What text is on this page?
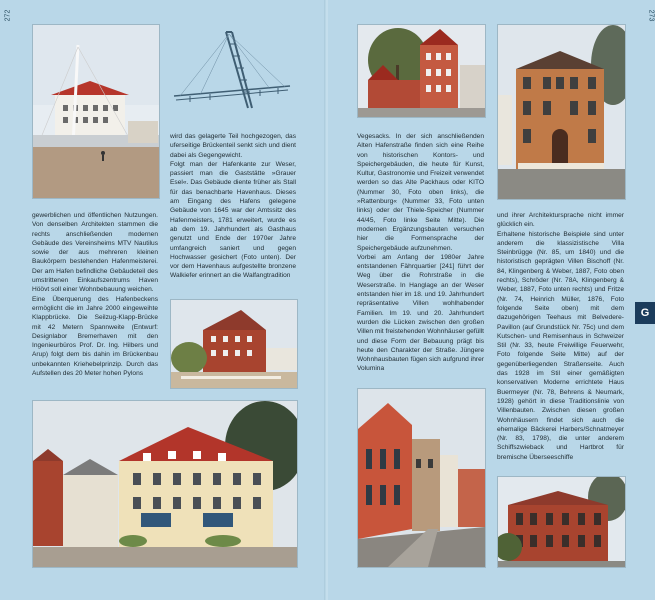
272
gewerblichen und öffentlichen Nutzungen. Von denselben Architekten stammen die rechts anschließenden modernen Gebäude des Vereinsheims MTV Nautilus sowie der aus mehreren kleinen Baukörpern bestehenden Hafenmeisterei. Der am Hafen befindliche Gebäudeteil des umstrittenen Einkaufszentrums Haven Höövt soll einer Wohnbebauung weichen.
Eine Überquerung des Hafenbeckens ermöglicht die im Jahre 2000 eingeweihte Klappbrücke. Die Seilzug-Klapp-Brücke mit 42 Metern Spannweite (Entwurf: Designlabor Bremerhaven mit den Ingenieurbüros Prof. Dr. Ing. Hilbers und Arup) folgt dem bis dahin im Brückenbau unbekannten Kriehebelprinzip. Durch das Aufstellen des 20 Meter hohen Pylons
wird das gelagerte Teil hochgezogen, das uferseitige Brückenteil senkt sich und dient dabei als Gegengewicht.
Folgt man der Hafenkante zur Weser, passiert man die Gaststätte »Grauer Esel«. Das Gebäude diente früher als Stall für das benachbarte Havenhaus. Dieses am Eingang des Hafens gelegene Gebäude von 1645 war der Amtssitz des Hafenmeisters, 1781 erweitert, wurde es ab dem 19. Jahrhundert als Gasthaus genutzt und Ende der 1970er Jahre umfangreich saniert und gegen Hochwasser gesichert (Foto unten). Der vor dem Havenhaus aufgestellte bronzene Walkiefer erinnert an die Walfangtradition
273
Vegesacks. In der sich anschließenden Alten Hafenstraße finden sich eine Reihe von historischen Kontors- und Speichergebäuden, die heute für Kunst, Kultur, Gastronomie und Freizeit verwendet werden so das Alte Packhaus oder KITO (Nummer 30, Foto oben links), die »Rattenburg« (Nummer 33, Foto unten links) oder der Thiele-Speicher (Nummer 44/45, Foto linke Seite Mitte). Die modernen Ergänzungsbauten versuchen hier die Formensprache der Speichergebäude aufzunehmen.
Vorbei am Anfang der 1980er Jahre entstandenen Fährquartier [241] führt der Weg über die Rohrstraße in die Weserstraße. In Hanglage an der Weser entstanden hier im 18. und 19. Jahrhundert repräsentative Villen wohlhabender Familien. Im 19. und 20. Jahrhundert wurden die Lücken zwischen den großen Villen mit freistehenden Wohnhäuser gefüllt und diese Form der Bebauung prägt bis heute den Charakter der Straße. Jüngere Wohnhausbauten fügen sich aufgrund ihrer Volumina
und ihrer Architektursprache nicht immer glücklich ein.
Erhaltene historische Beispiele sind unter anderem die klassizistische Villa Steinbrügge (Nr. 85, um 1840) und die historistisch geprägten Villen Bischoff (Nr. 84, Klingenberg & Weber, 1887, Foto oben rechts), Schröder (Nr. 78A, Klingenberg & Weber, 1887, Foto unten rechts) und Fritze (Nr. 74, Heinrich Müller, 1876, Foto folgende Seite oben) mit dem dazugehörigen Teehaus mit Belvedere-Pavillon (auf Grundstück Nr. 75c) und dem Kutschen- und Remisenhaus in Schweizer Stil (Nr. 33, heute Freiwillige Feuerwehr, Foto folgende Seite Mitte) auf der gegenüberliegenden Straßenseite. Auch das 1928 im Stil einer gemäßigten konservativen Moderne errichtete Haus Buermeyer (Nr. 78, Behrens & Neumark, 1928) gehört in diese Traditionslinie von Villenbauten. Zwischen diesen großen Wohnhäusern findet sich auch die ehemalige Bäckerei Harbers/Schnatmeyer (Nr. 83, 1798), die unter anderem Schiffszwieback und Hartbrot für bremische Überseeschiffe
G
